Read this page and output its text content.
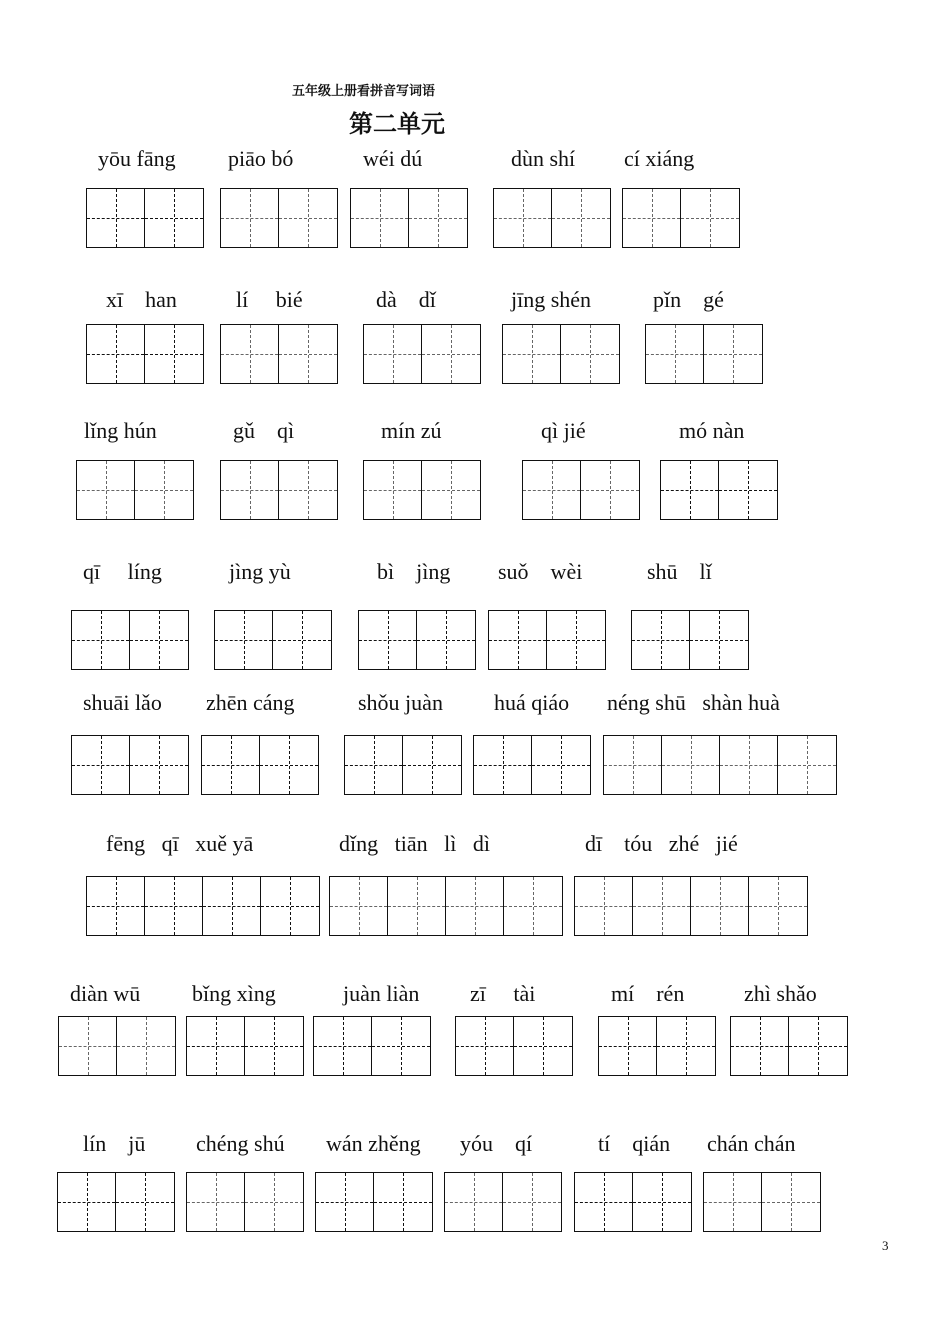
五年级上册看拼音写词语
第二单元
yōu fāng piāo bó	wéi dú	dùn shí cí xiáng
xī    han	lí     bié	dà    dǐ	jīng shén	pǐn    gé
lǐng hún	gǔ    qì	mín zú	qì jié	mó nàn
qī     líng	jìng yù	bì    jìng suǒ    wèi	shū    lǐ
shuāi lǎo zhēn cáng	shǒu juàn huá qiáo néng shū   shàn huà
fēng   qī   xuě yā	dǐng   tiān   lì   dì	dī    tóu   zhé   jié
diàn wū bǐng xìng	juàn liàn zī     tài	mí    rén	zhì shǎo
lín    jū chéng shú wán zhěng yóu    qí	tí    qián chán chán
3
